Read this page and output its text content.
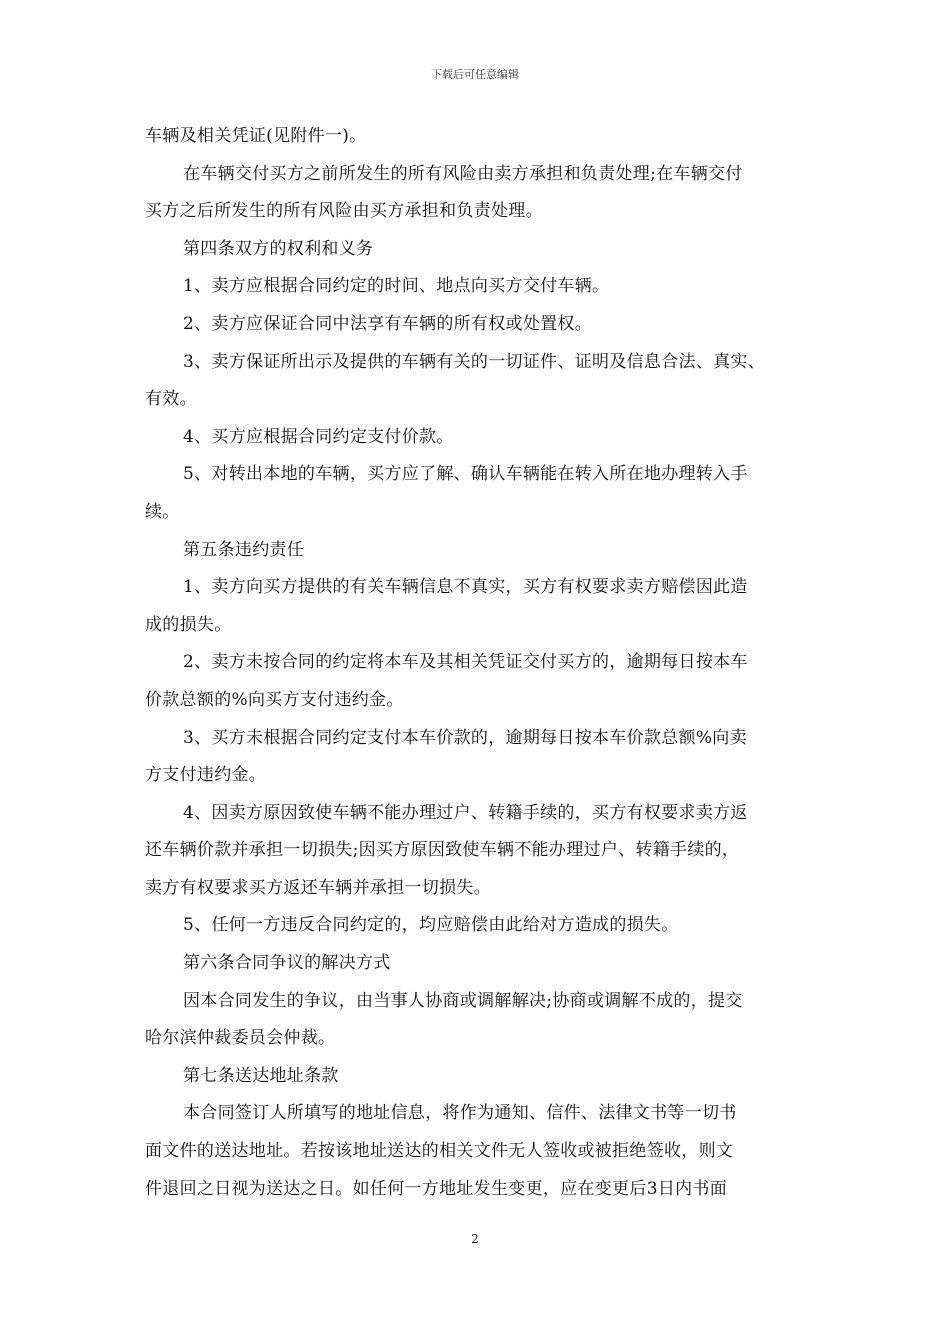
下载后可任意编辑
车辆及相关凭证(见附件一)。
在车辆交付买方之前所发生的所有风险由卖方承担和负责处理;在车辆交付
买方之后所发生的所有风险由买方承担和负责处理。
第四条双方的权利和义务
1、卖方应根据合同约定的时间、地点向买方交付车辆。
2、卖方应保证合同中法享有车辆的所有权或处置权。
3、卖方保证所出示及提供的车辆有关的一切证件、证明及信息合法、真实、
有效。
4、买方应根据合同约定支付价款。
5、对转出本地的车辆，买方应了解、确认车辆能在转入所在地办理转入手
续。
第五条违约责任
1、卖方向买方提供的有关车辆信息不真实，买方有权要求卖方赔偿因此造
成的损失。
2、卖方未按合同的约定将本车及其相关凭证交付买方的，逾期每日按本车
价款总额的%向买方支付违约金。
3、买方未根据合同约定支付本车价款的，逾期每日按本车价款总额%向卖
方支付违约金。
4、因卖方原因致使车辆不能办理过户、转籍手续的，买方有权要求卖方返
还车辆价款并承担一切损失;因买方原因致使车辆不能办理过户、转籍手续的，
卖方有权要求买方返还车辆并承担一切损失。
5、任何一方违反合同约定的，均应赔偿由此给对方造成的损失。
第六条合同争议的解决方式
因本合同发生的争议，由当事人协商或调解解决;协商或调解不成的，提交
哈尔滨仲裁委员会仲裁。
第七条送达地址条款
本合同签订人所填写的地址信息，将作为通知、信件、法律文书等一切书
面文件的送达地址。若按该地址送达的相关文件无人签收或被拒绝签收，则文
件退回之日视为送达之日。如任何一方地址发生变更，应在变更后3日内书面
2
